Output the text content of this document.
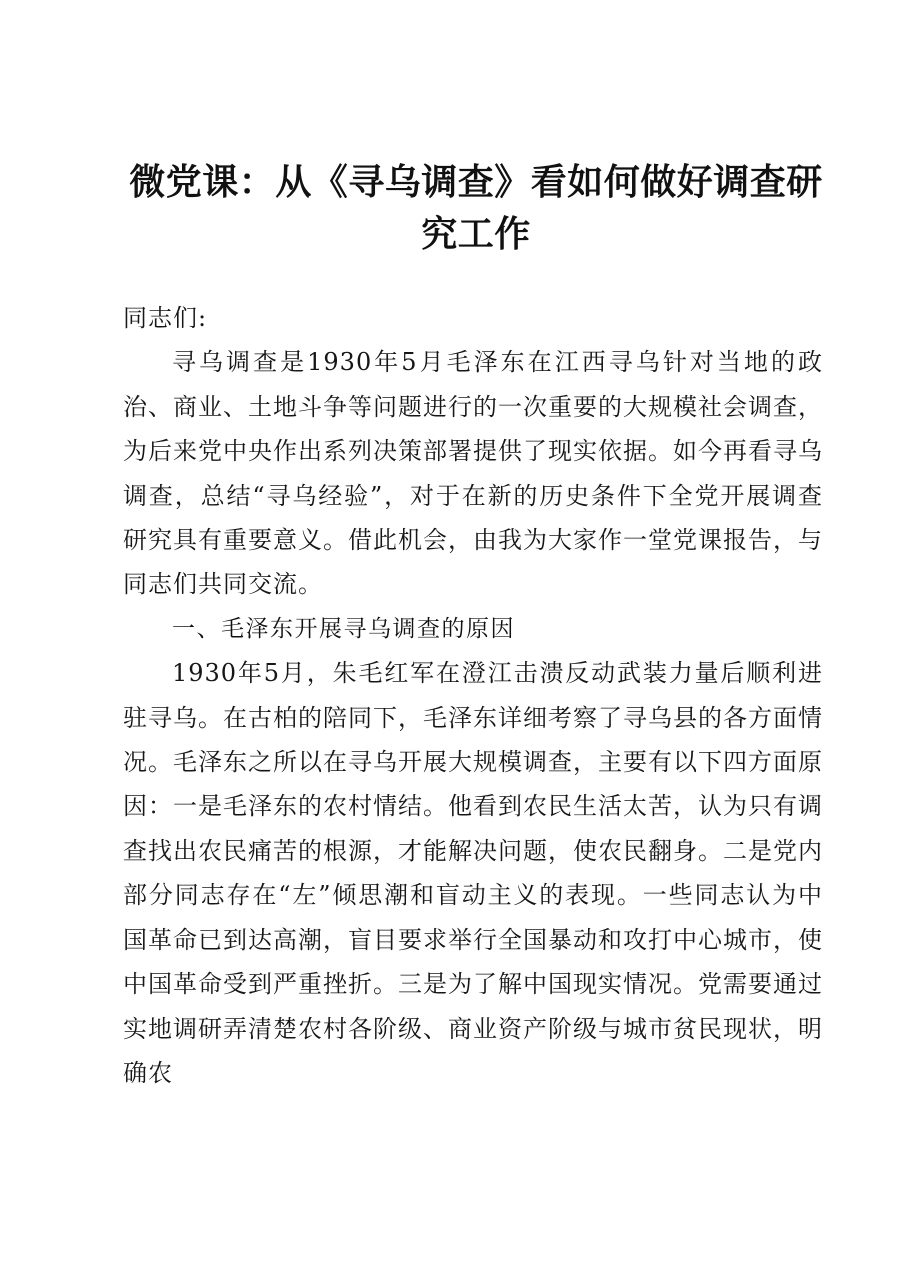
微党课：从《寻乌调查》看如何做好调查研究工作

同志们:

寻乌调查是1930年5月毛泽东在江西寻乌针对当地的政治、商业、土地斗争等问题进行的一次重要的大规模社会调查，为后来党中央作出系列决策部署提供了现实依据。如今再看寻乌调查，总结“寻乌经验”，对于在新的历史条件下全党开展调查研究具有重要意义。借此机会，由我为大家作一堂党课报告，与同志们共同交流。

一、毛泽东开展寻乌调查的原因

1930年5月，朱毛红军在澄江击溃反动武装力量后顺利进驻寻乌。在古柏的陪同下，毛泽东详细考察了寻乌县的各方面情况。毛泽东之所以在寻乌开展大规模调查，主要有以下四方面原因：一是毛泽东的农村情结。他看到农民生活太苦，认为只有调查找出农民痛苦的根源，才能解决问题，使农民翻身。二是党内部分同志存在“左”倾思潮和盲动主义的表现。一些同志认为中国革命已到达高潮，盲目要求举行全国暴动和攻打中心城市，使中国革命受到严重挫折。三是为了解中国现实情况。党需要通过实地调研弄清楚农村各阶级、商业资产阶级与城市贫民现状，明确农
